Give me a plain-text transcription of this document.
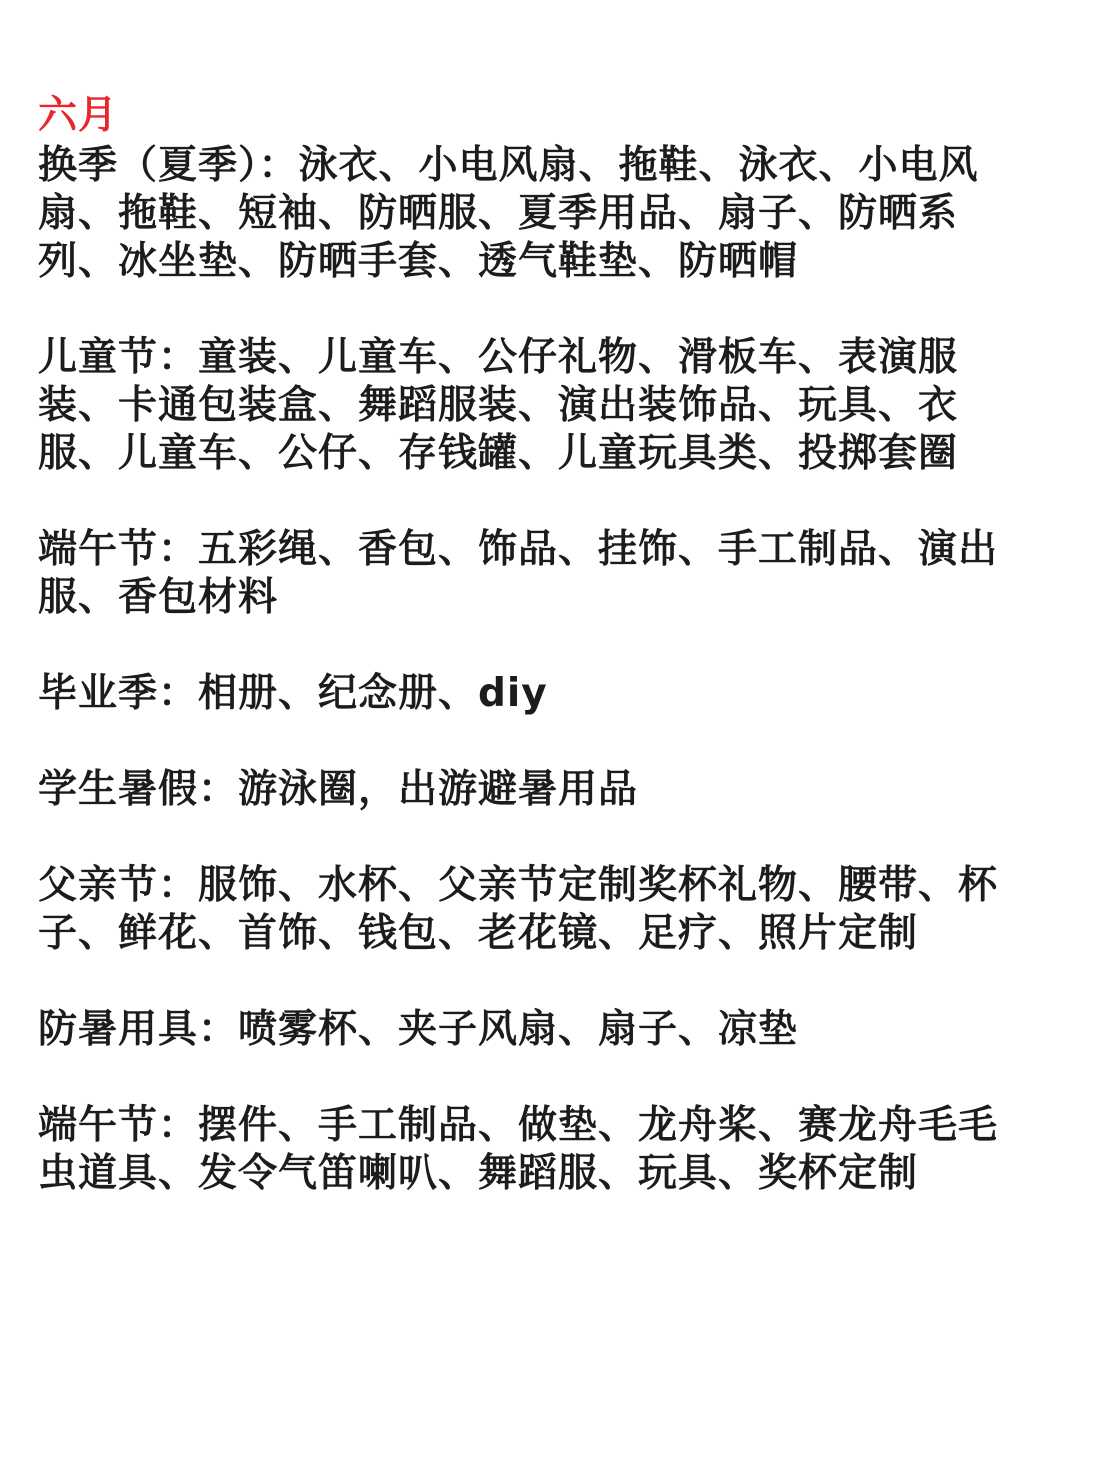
六月
换季（夏季）：泳衣、小电风扇、拖鞋、泳衣、小电风
扇、拖鞋、短袖、防晒服、夏季用品、扇子、防晒系
列、冰坐垫、防晒手套、透气鞋垫、防晒帽
儿童节：童装、儿童车、公仔礼物、滑板车、表演服
装、卡通包装盒、舞蹈服装、演出装饰品、玩具、衣
服、儿童车、公仔、存钱罐、儿童玩具类、投掷套圈
端午节：五彩绳、香包、饰品、挂饰、手工制品、演出
服、香包材料
毕业季：相册、纪念册、diy
学生暑假：游泳圈，出游避暑用品
父亲节：服饰、水杯、父亲节定制奖杯礼物、腰带、杯
子、鲜花、首饰、钱包、老花镜、足疗、照片定制
防暑用具：喷雾杯、夹子风扇、扇子、凉垫
端午节：摆件、手工制品、做垫、龙舟桨、赛龙舟毛毛
虫道具、发令气笛喇叭、舞蹈服、玩具、奖杯定制
